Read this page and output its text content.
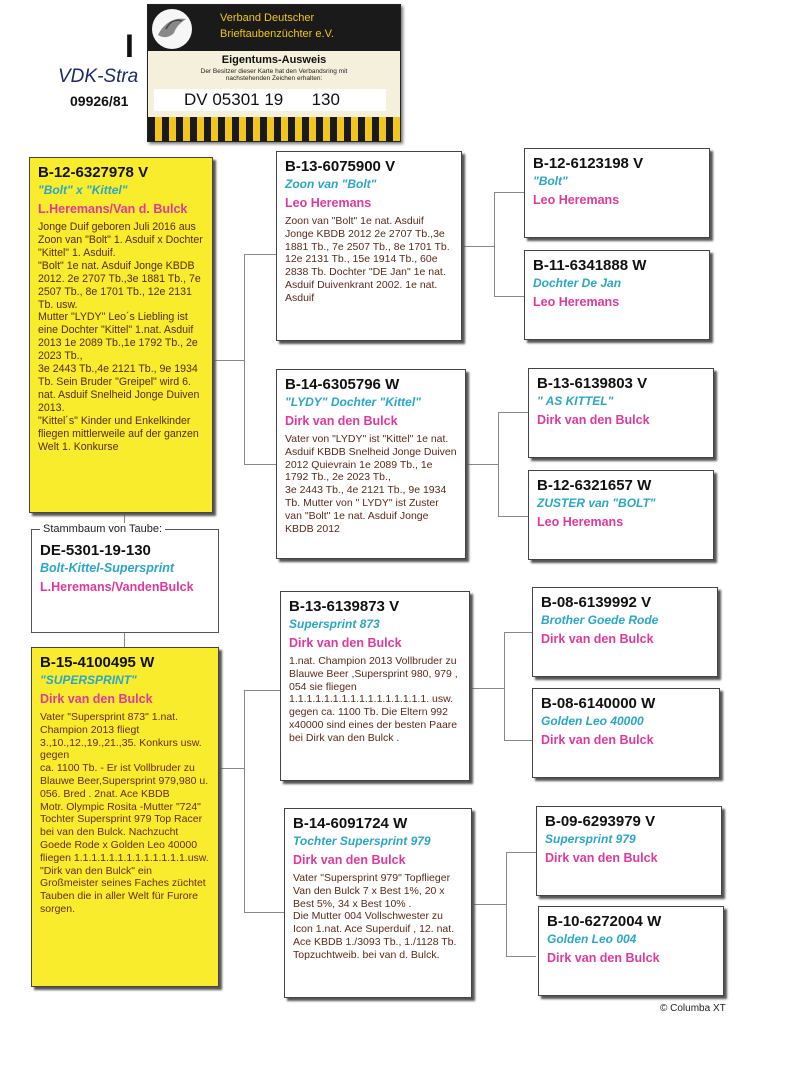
I
VDK-Stra
09926/81
Verband Deutscher
Brieftaubenzüchter e.V.
Eigentums-Ausweis
Der Besitzer dieser Karte hat den Verbandsring mit nachstehenden Zeichen erhalten:
DV 05301 19      130
B-12-6327978 V
"Bolt" x "Kittel"
L.Heremans/Van d. Bulck
Jonge Duif geboren Juli 2016 aus Zoon van "Bolt" 1. Asduif x Dochter "Kittel" 1. Asduif.
"Bolt" 1e nat. Asduif Jonge KBDB 2012. 2e 2707 Tb.,3e 1881 Tb., 7e 2507 Tb., 8e 1701 Tb., 12e 2131 Tb. usw.
Mutter "LYDY" Leo´s Liebling ist eine Dochter "Kittel" 1.nat. Asduif 2013 1e 2089 Tb.,1e 1792 Tb., 2e 2023 Tb.,
3e 2443 Tb.,4e 2121 Tb., 9e 1934 Tb. Sein Bruder "Greipel" wird 6. nat. Asduif Snelheid Jonge Duiven 2013.
"Kittel´s" Kinder und Enkelkinder fliegen mittlerweile auf der ganzen Welt 1. Konkurse
Stammbaum von Taube:
DE-5301-19-130
Bolt-Kittel-Supersprint
L.Heremans/VandenBulck
B-15-4100495 W
"SUPERSPRINT"
Dirk van den Bulck
Vater "Supersprint 873" 1.nat. Champion 2013 fliegt 3.,10.,12.,19.,21.,35. Konkurs usw. gegen
ca. 1100 Tb. - Er ist Vollbruder zu Blauwe Beer,Supersprint 979,980 u. 056. Bred . 2nat. Ace KBDB
Motr. Olympic Rosita -Mutter "724" Tochter Supersprint 979 Top Racer bei van den Bulck. Nachzucht Goede Rode x Golden Leo 40000 fliegen 1.1.1.1.1.1.1.1.1.1.1.1.1.usw.
"Dirk van den Bulck" ein Großmeister seines Faches züchtet Tauben die in aller Welt für Furore sorgen.
B-13-6075900 V
Zoon van "Bolt"
Leo Heremans
Zoon van "Bolt" 1e nat. Asduif Jonge KBDB 2012 2e 2707 Tb.,3e 1881 Tb., 7e 2507 Tb., 8e 1701 Tb. 12e 2131 Tb., 15e 1914 Tb., 60e 2838 Tb. Dochter "DE Jan" 1e nat. Asduif Duivenkrant 2002. 1e nat. Asduif
B-14-6305796 W
"LYDY" Dochter "Kittel"
Dirk van den Bulck
Vater von "LYDY" ist "Kittel" 1e nat. Asduif KBDB Snelheid Jonge Duiven 2012 Quievrain 1e 2089 Tb., 1e 1792 Tb., 2e 2023 Tb.,
3e 2443 Tb., 4e 2121 Tb., 9e 1934 Tb. Mutter von " LYDY" ist Zuster van "Bolt" 1e nat. Asduif Jonge KBDB 2012
B-13-6139873 V
Supersprint 873
Dirk van den Bulck
1.nat. Champion 2013 Vollbruder zu Blauwe Beer ,Supersprint 980, 979 , 054 sie fliegen 1.1.1.1.1.1.1.1.1.1.1.1.1.1.1.1. usw. gegen ca. 1100 Tb. Die Eltern 992 x40000 sind eines der besten Paare bei Dirk van den Bulck .
B-14-6091724 W
Tochter Supersprint 979
Dirk van den Bulck
Vater "Supersprint 979" Topflieger Van den Bulck 7 x Best 1%, 20 x Best 5%, 34 x Best 10% .
Die Mutter 004 Vollschwester zu Icon 1.nat. Ace Superduif , 12. nat. Ace KBDB 1./3093 Tb., 1./1128 Tb.
Topzuchtweib. bei van d. Bulck.
B-12-6123198 V
"Bolt"
Leo Heremans
B-11-6341888 W
Dochter De Jan
Leo Heremans
B-13-6139803 V
" AS KITTEL"
Dirk van den Bulck
B-12-6321657 W
ZUSTER van "BOLT"
Leo Heremans
B-08-6139992 V
Brother Goede Rode
Dirk van den Bulck
B-08-6140000 W
Golden Leo 40000
Dirk van den Bulck
B-09-6293979 V
Supersprint 979
Dirk van den Bulck
B-10-6272004 W
Golden Leo 004
Dirk van den Bulck
© Columba XT
